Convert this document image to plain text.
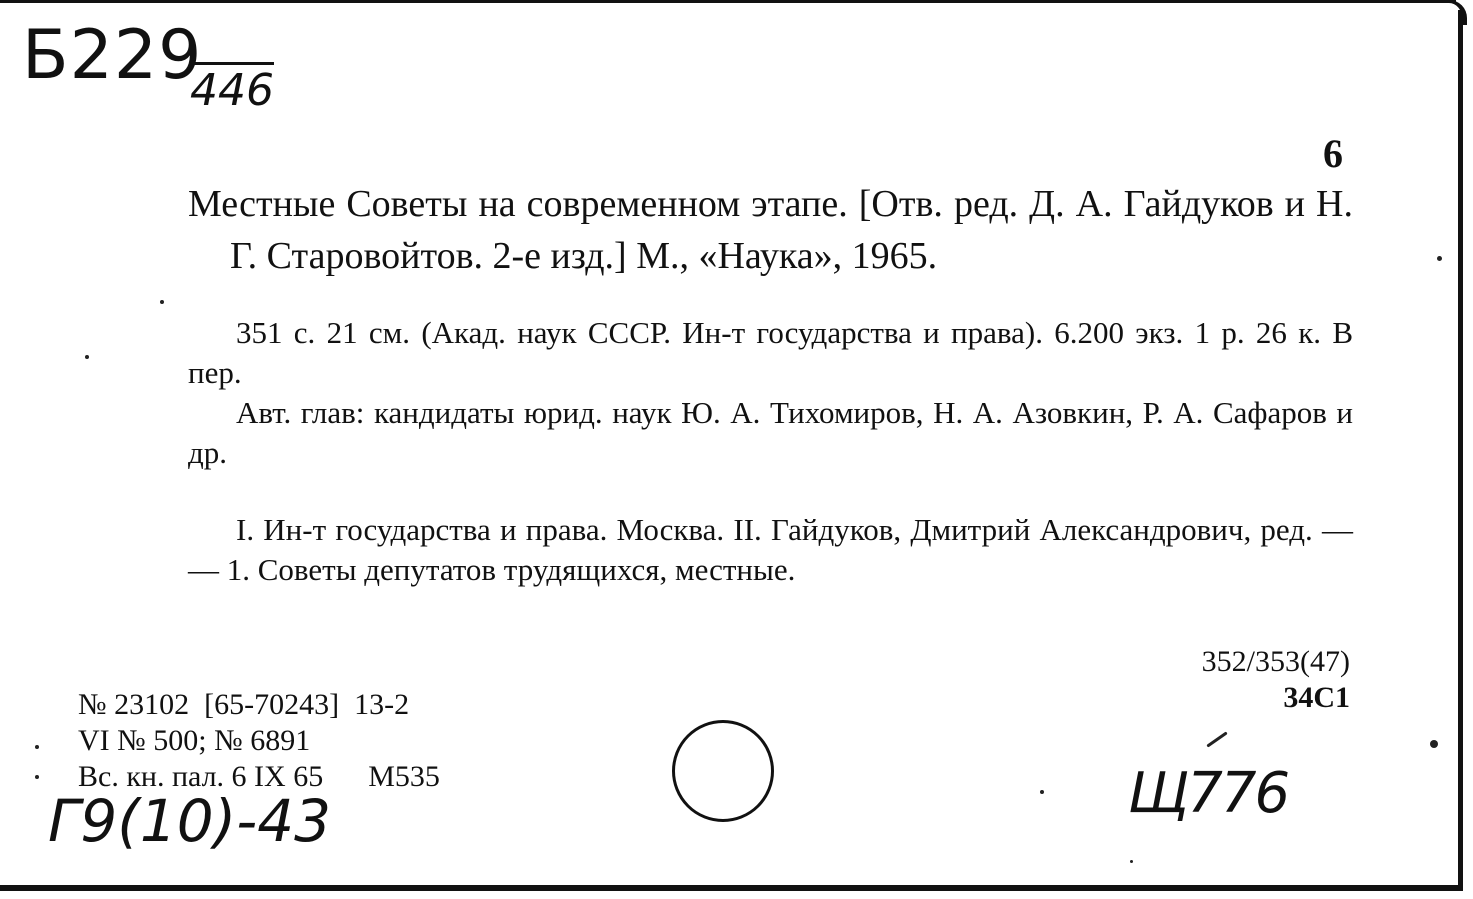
Б229
446
6

Местные Советы на современном этапе. [Отв. ред. Д. А. Гайдуков и Н. Г. Старовойтов. 2-е изд.] М., «Наука», 1965.

351 с. 21 см. (Акад. наук СССР. Ин-т государства и права). 6.200 экз. 1 р. 26 к. В пер.

Авт. глав: кандидаты юрид. наук Ю. А. Тихомиров, Н. А. Азовкин, Р. А. Сафаров и др.

I. Ин-т государства и права. Москва. II. Гайдуков, Дмитрий Александрович, ред. — — 1. Советы депутатов трудящихся, местные.

352/353(47)
34С1
№ 23102  [65-70243]  13-2
VI № 500; № 6891
Вс. кн. пал. 6 IX 65      М535
Г9(10)-43	Щ776
